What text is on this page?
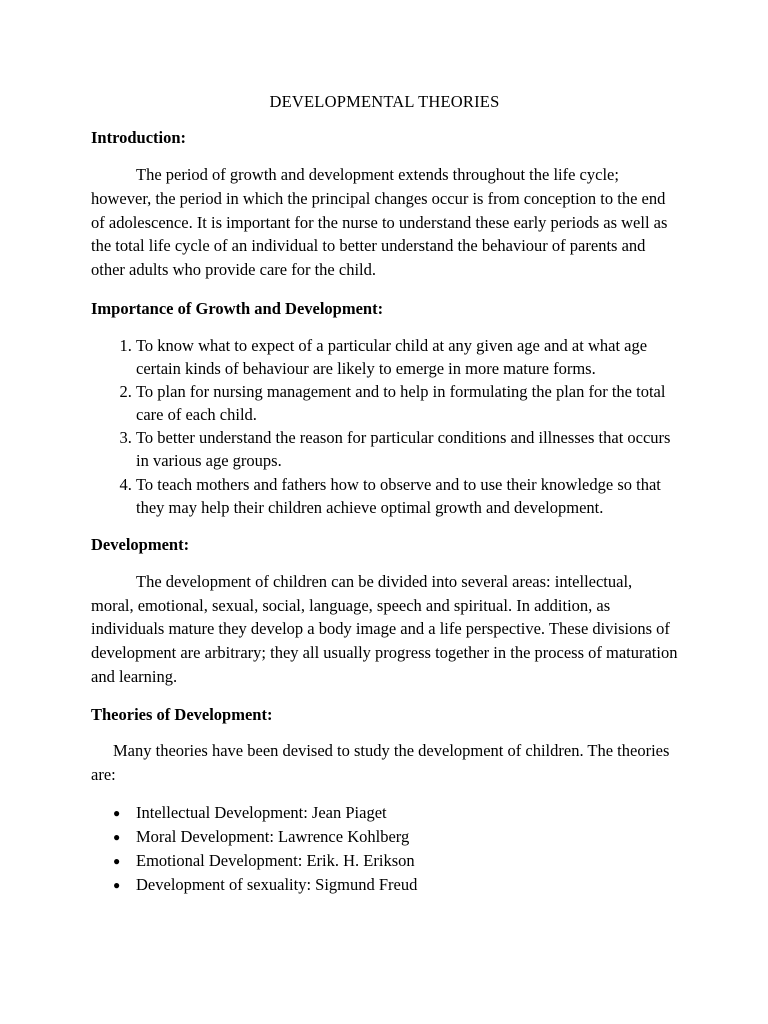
DEVELOPMENTAL THEORIES
Introduction:

The period of growth and development extends throughout the life cycle; however, the period in which the principal changes occur is from conception to the end of adolescence. It is important for the nurse to understand these early periods as well as the total life cycle of an individual to better understand the behaviour of parents and other adults who provide care for the child.

Importance of Growth and Development:
1. To know what to expect of a particular child at any given age and at what age certain kinds of behaviour are likely to emerge in more mature forms.
2. To plan for nursing management and to help in formulating the plan for the total care of each child.
3. To better understand the reason for particular conditions and illnesses that occurs in various age groups.
4. To teach mothers and fathers how to observe and to use their knowledge so that they may help their children achieve optimal growth and development.
Development:

The development of children can be divided into several areas: intellectual, moral, emotional, sexual, social, language, speech and spiritual. In addition, as individuals mature they develop a body image and a life perspective. These divisions of development are arbitrary; they all usually progress together in the process of maturation and learning.

Theories of Development:

Many theories have been devised to study the development of children. The theories are:

● Intellectual Development: Jean Piaget
● Moral Development: Lawrence Kohlberg
● Emotional Development: Erik. H. Erikson
● Development of sexuality: Sigmund Freud
